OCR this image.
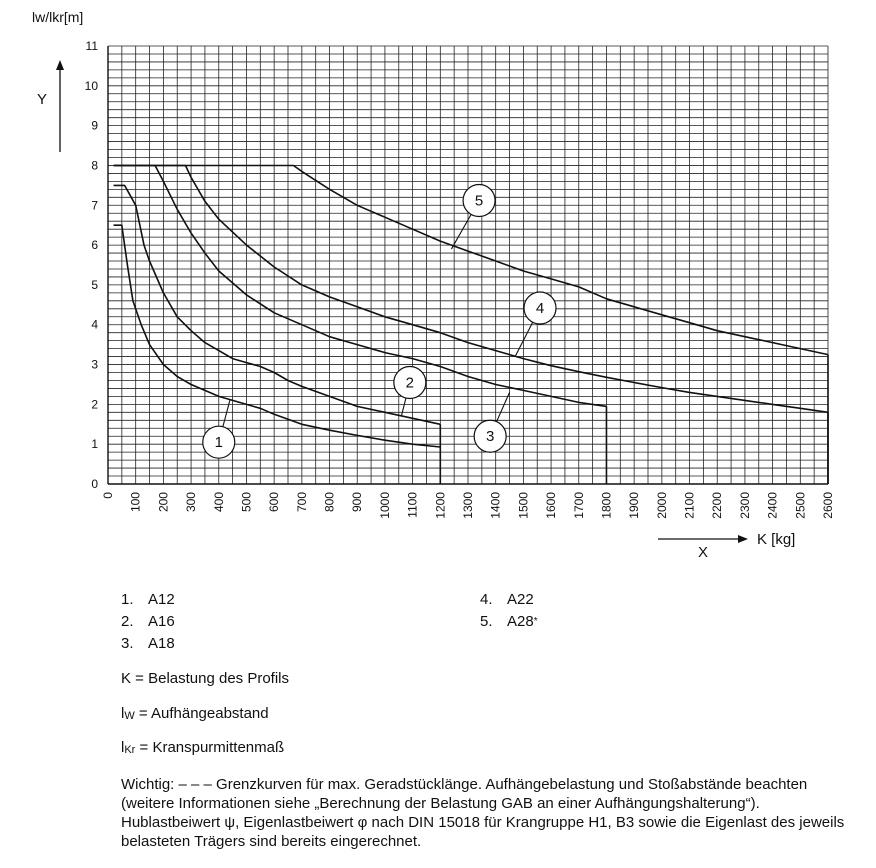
0
1
2
3
4
5
6
7
8
9
10
11
0 100 200 300 400 500 600 700 800 900 1000 1100 1200 1300 1400 1500 1600 1700 1800 1900 2000 2100 2200 2300 2400 2500 2600
1
2
3
4
5
lw/lkr[m]
Y
X
K [kg]
1. A12
2. A16
3. A18
4. A22
5. A28 *
K = Belastung des Profils
$l_W$ = Aufhängeabstand
$l_{Kr}$ = Kranspurmittenmaß
Wichtig: – – – Grenzkurven für max. Geradstücklänge. Aufhängebelastung und Stoßabstände beachten (weitere Informationen siehe „Berechnung der Belastung GAB an einer Aufhängungshalterung“). Hublastbeiwert ψ, Eigenlastbeiwert φ nach DIN 15018 für Krangruppe H1, B3 sowie die Eigenlast des jeweils belasteten Trägers sind bereits eingerechnet.
